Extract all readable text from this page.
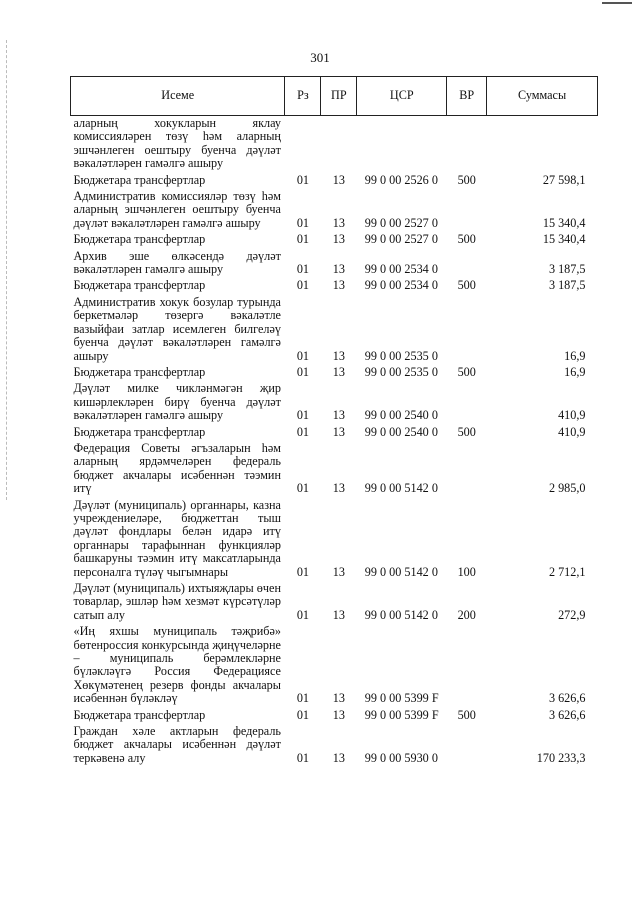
301
Исеме	Рз	ПР	ЦСР	ВР	Суммасы
аларның хокукларын яклау комиссияләрен төзү һәм аларның эшчәнлеген оештыру буенча дәүләт вәкаләтләрен гамәлгә ашыру					
Бюджетара трансфертлар	01	13	99 0 00 2526 0	500	27 598,1
Административ комиссияләр төзү һәм аларның эшчәнлеген оештыру буенча дәүләт вәкаләтләрен гамәлгә ашыру	01	13	99 0 00 2527 0		15 340,4
Бюджетара трансфертлар	01	13	99 0 00 2527 0	500	15 340,4
Архив эше өлкәсендә дәүләт вәкаләтләрен гамәлгә ашыру	01	13	99 0 00 2534 0		3 187,5
Бюджетара трансфертлар	01	13	99 0 00 2534 0	500	3 187,5
Административ хокук бозулар турында беркетмәләр төзергә вәкаләтле вазыйфаи затлар исемлеген билгеләү буенча дәүләт вәкаләтләрен гамәлгә ашыру	01	13	99 0 00 2535 0		16,9
Бюджетара трансфертлар	01	13	99 0 00 2535 0	500	16,9
Дәүләт милке чикләнмәгән җир кишәрлекләрен бирү буенча дәүләт вәкаләтләрен гамәлгә ашыру	01	13	99 0 00 2540 0		410,9
Бюджетара трансфертлар	01	13	99 0 00 2540 0	500	410,9
Федерация Советы әгъзаларын һәм аларның ярдәмчеләрен федераль бюджет акчалары исәбеннән тәэмин итү	01	13	99 0 00 5142 0		2 985,0
Дәүләт (муниципаль) органнары, казна учреждениеләре, бюджеттан тыш дәүләт фондлары белән идарә итү органнары тарафыннан функцияләр башкаруны тәэмин итү максатларында персоналга түләү чыгымнары	01	13	99 0 00 5142 0	100	2 712,1
Дәүләт (муниципаль) ихтыяҗлары өчен товарлар, эшләр һәм хезмәт күрсәтүләр сатып алу	01	13	99 0 00 5142 0	200	272,9
«Иң яхшы муниципаль тәҗрибә» бөтенроссия конкурсында җиңүчеләрне – муниципаль берәмлекләрне бүләкләүгә Россия Федерациясе Хөкүмәтенең резерв фонды акчалары исәбеннән бүләкләү	01	13	99 0 00 5399 F		3 626,6
Бюджетара трансфертлар	01	13	99 0 00 5399 F	500	3 626,6
Граждан хәле актларын федераль бюджет акчалары исәбеннән дәүләт теркәвенә алу	01	13	99 0 00 5930 0		170 233,3
